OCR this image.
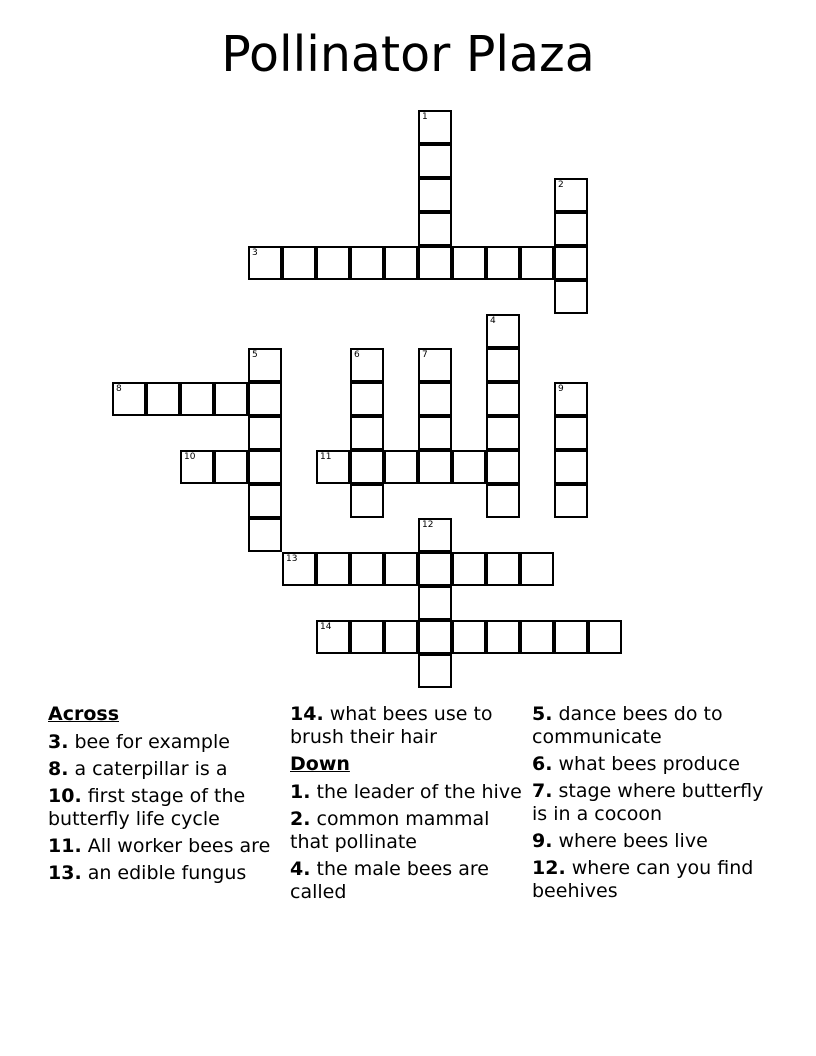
Pollinator Plaza
3
8
10	11
13
14
1
2
4
5	6	7
9
12
Across
3. bee for example
8. a caterpillar is a
10. first stage of the butterfly life cycle
11. All worker bees are
13. an edible fungus
14. what bees use to brush their hair
Down
1. the leader of the hive
2. common mammal that pollinate
4. the male bees are called
5. dance bees do to communicate
6. what bees produce
7. stage where butterfly is in a cocoon
9. where bees live
12. where can you find beehives
